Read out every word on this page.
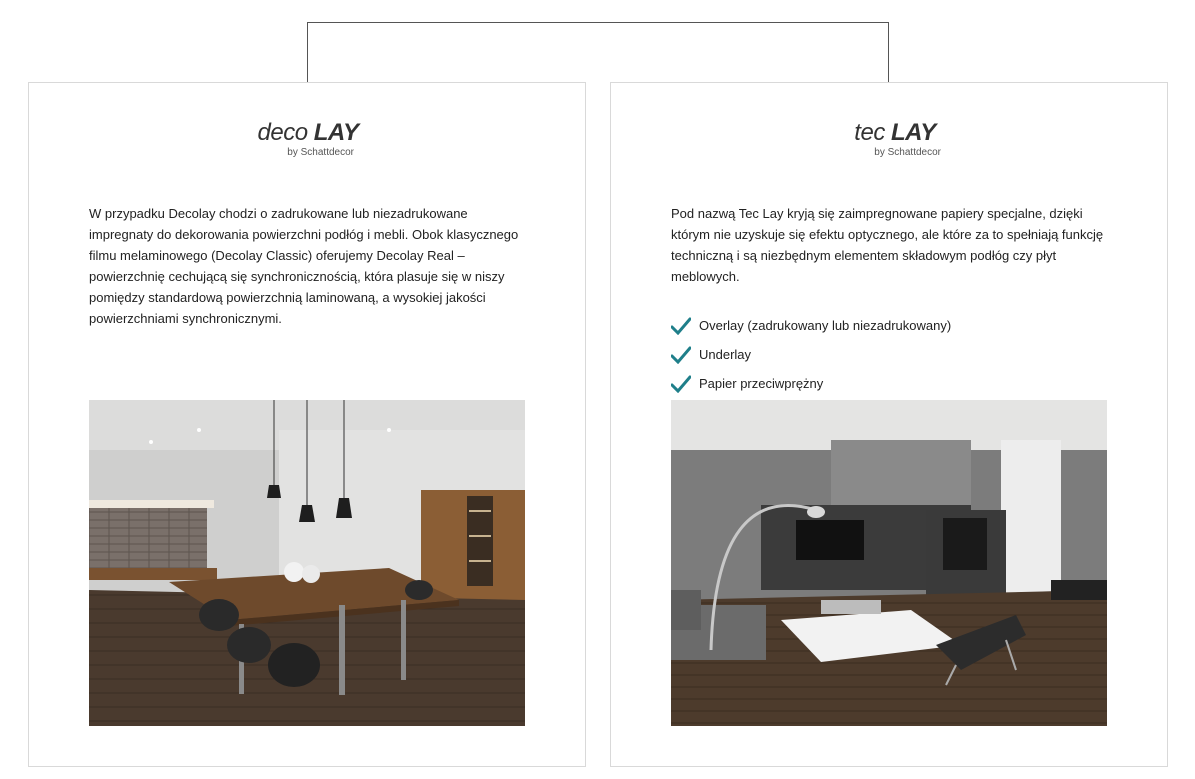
deco LAY
by Schattdecor

W przypadku Decolay chodzi o zadrukowane lub niezadrukowane impregnaty do dekorowania powierzchni podłóg i mebli. Obok klasycznego filmu melaminowego (Decolay Classic) oferujemy Decolay Real – powierzchnię cechującą się synchronicznością, która plasuje się w niszy pomiędzy standardową powierzchnią laminowaną, a wysokiej jakości powierzchniami synchronicznymi.

tec LAY
by Schattdecor

Pod nazwą Tec Lay kryją się zaimpregnowane papiery specjalne, dzięki którym nie uzyskuje się efektu optycznego, ale które za to spełniają funkcję techniczną i są niezbędnym elementem składowym podłóg czy płyt meblowych.

Overlay (zadrukowany lub niezadrukowany)
Underlay
Papier przeciwprężny
